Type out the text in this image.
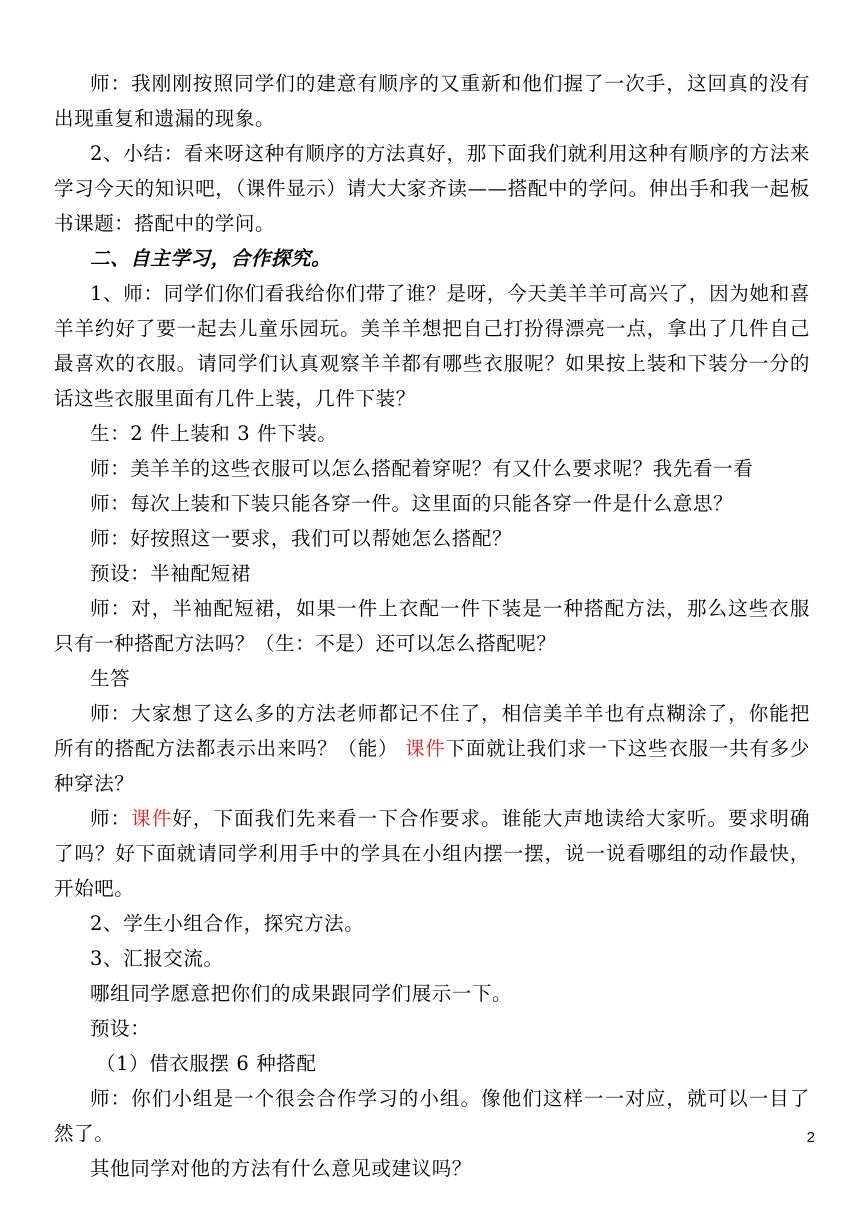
师：我刚刚按照同学们的建意有顺序的又重新和他们握了一次手，这回真的没有出现重复和遗漏的现象。

2、小结：看来呀这种有顺序的方法真好，那下面我们就利用这种有顺序的方法来学习今天的知识吧，（课件显示）请大大家齐读——搭配中的学问。伸出手和我一起板书课题：搭配中的学问。

二、自主学习，合作探究。

1、师：同学们你们看我给你们带了谁？是呀，今天美羊羊可高兴了，因为她和喜羊羊约好了要一起去儿童乐园玩。美羊羊想把自己打扮得漂亮一点，拿出了几件自己最喜欢的衣服。请同学们认真观察羊羊都有哪些衣服呢？如果按上装和下装分一分的话这些衣服里面有几件上装，几件下装？

生：2 件上装和 3 件下装。

师：美羊羊的这些衣服可以怎么搭配着穿呢？有又什么要求呢？我先看一看

师：每次上装和下装只能各穿一件。这里面的只能各穿一件是什么意思？

师：好按照这一要求，我们可以帮她怎么搭配？

预设：半袖配短裙

师：对，半袖配短裙，如果一件上衣配一件下装是一种搭配方法，那么这些衣服只有一种搭配方法吗？（生：不是）还可以怎么搭配呢？

生答

师：大家想了这么多的方法老师都记不住了，相信美羊羊也有点糊涂了，你能把所有的搭配方法都表示出来吗？（能） 课件下面就让我们求一下这些衣服一共有多少种穿法？

师：课件好，下面我们先来看一下合作要求。谁能大声地读给大家听。要求明确了吗？好下面就请同学利用手中的学具在小组内摆一摆，说一说看哪组的动作最快，开始吧。

2、学生小组合作，探究方法。

3、汇报交流。

哪组同学愿意把你们的成果跟同学们展示一下。

预设：

（1）借衣服摆 6 种搭配

师：你们小组是一个很会合作学习的小组。像他们这样一一对应，就可以一目了然了。

其他同学对他的方法有什么意见或建议吗？

2
